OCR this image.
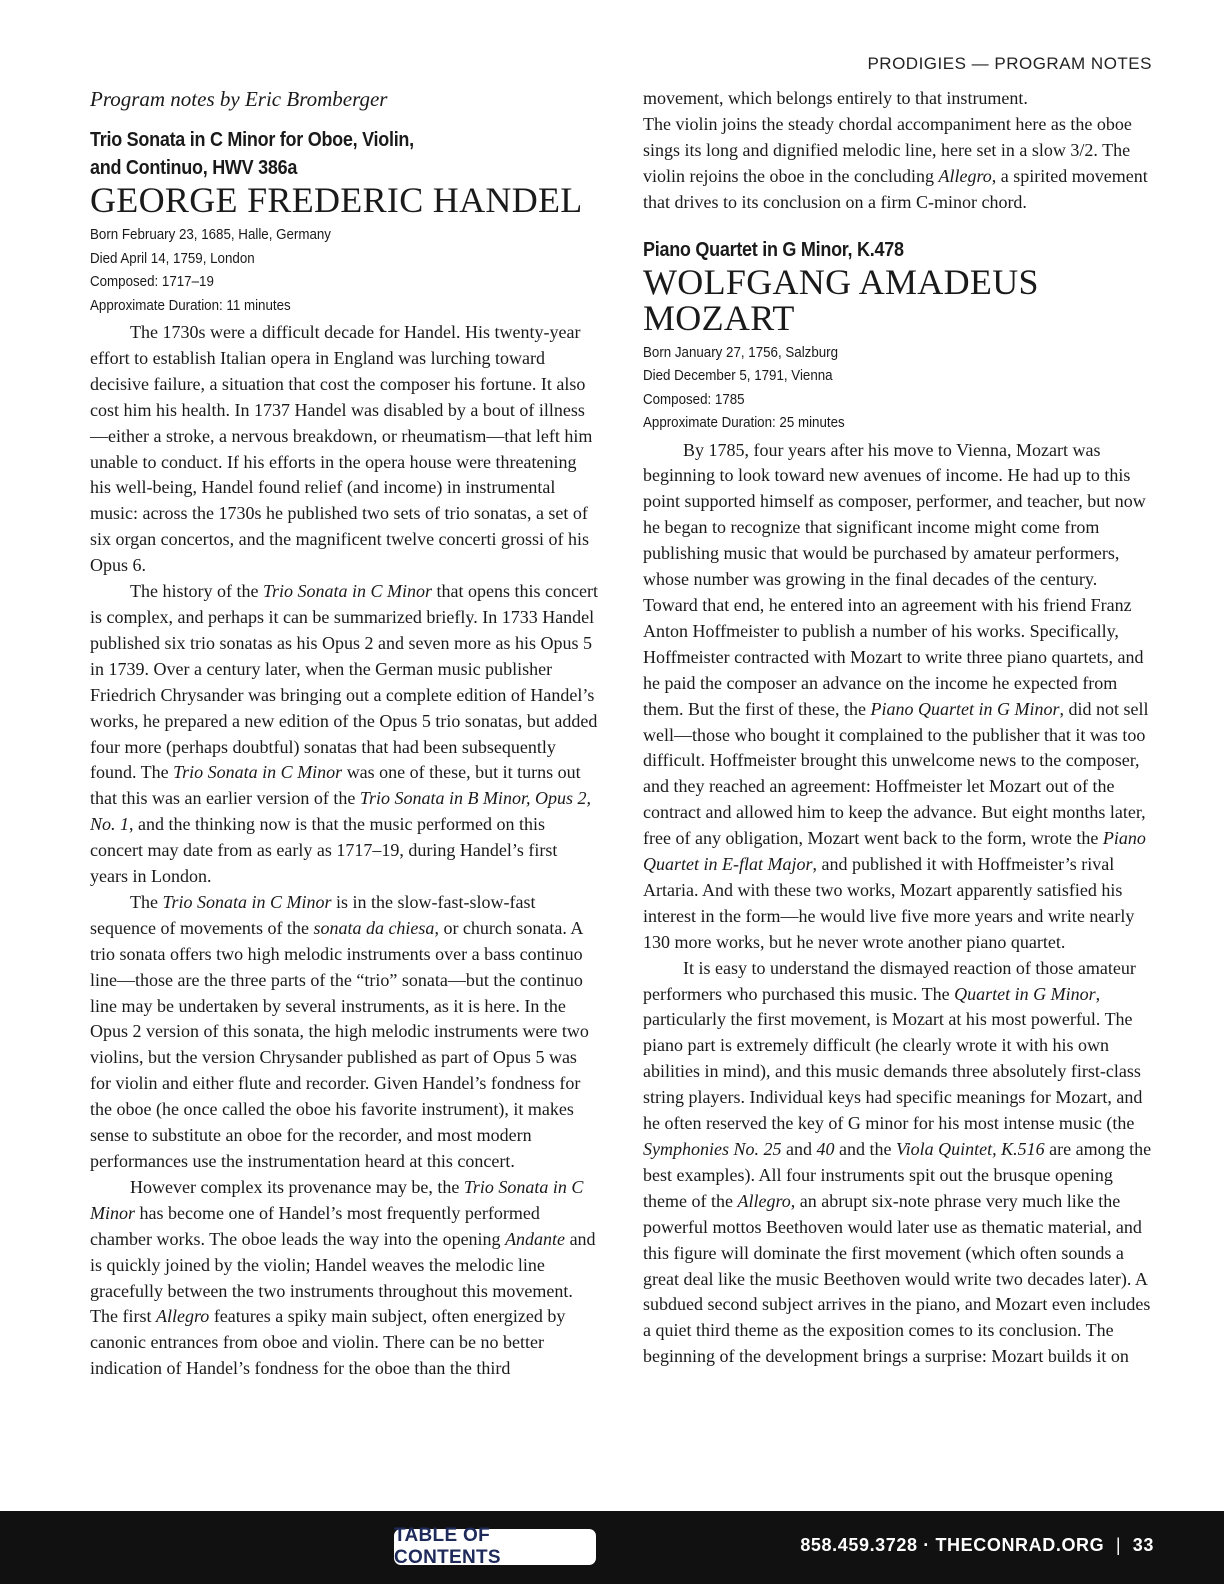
PRODIGIES — PROGRAM NOTES
Program notes by Eric Bromberger
Trio Sonata in C Minor for Oboe, Violin,
and Continuo, HWV 386a
GEORGE FREDERIC HANDEL
Born February 23, 1685, Halle, Germany
Died April 14, 1759, London
Composed: 1717–19
Approximate Duration: 11 minutes

The 1730s were a difficult decade for Handel. His twenty-year effort to establish Italian opera in England was lurching toward decisive failure, a situation that cost the composer his fortune. It also cost him his health. In 1737 Handel was disabled by a bout of illness—either a stroke, a nervous breakdown, or rheumatism—that left him unable to conduct. If his efforts in the opera house were threatening his well-being, Handel found relief (and income) in instrumental music: across the 1730s he published two sets of trio sonatas, a set of six organ concertos, and the magnificent twelve concerti grossi of his Opus 6.

The history of the Trio Sonata in C Minor that opens this concert is complex, and perhaps it can be summarized briefly. In 1733 Handel published six trio sonatas as his Opus 2 and seven more as his Opus 5 in 1739. Over a century later, when the German music publisher Friedrich Chrysander was bringing out a complete edition of Handel’s works, he prepared a new edition of the Opus 5 trio sonatas, but added four more (perhaps doubtful) sonatas that had been subsequently found. The Trio Sonata in C Minor was one of these, but it turns out that this was an earlier version of the Trio Sonata in B Minor, Opus 2, No. 1, and the thinking now is that the music performed on this concert may date from as early as 1717–19, during Handel’s first years in London.

The Trio Sonata in C Minor is in the slow-fast-slow-fast sequence of movements of the sonata da chiesa, or church sonata. A trio sonata offers two high melodic instruments over a bass continuo line—those are the three parts of the “trio” sonata—but the continuo line may be undertaken by several instruments, as it is here. In the Opus 2 version of this sonata, the high melodic instruments were two violins, but the version Chrysander published as part of Opus 5 was for violin and either flute and recorder. Given Handel’s fondness for the oboe (he once called the oboe his favorite instrument), it makes sense to substitute an oboe for the recorder, and most modern performances use the instrumentation heard at this concert.

However complex its provenance may be, the Trio Sonata in C Minor has become one of Handel’s most frequently performed chamber works. The oboe leads the way into the opening Andante and is quickly joined by the violin; Handel weaves the melodic line gracefully between the two instruments throughout this movement. The first Allegro features a spiky main subject, often energized by canonic entrances from oboe and violin. There can be no better indication of Handel’s fondness for the oboe than the third

movement, which belongs entirely to that instrument.

The violin joins the steady chordal accompaniment here as the oboe sings its long and dignified melodic line, here set in a slow 3/2. The violin rejoins the oboe in the concluding Allegro, a spirited movement that drives to its conclusion on a firm C-minor chord.

Piano Quartet in G Minor, K.478
WOLFGANG AMADEUS
MOZART
Born January 27, 1756, Salzburg
Died December 5, 1791, Vienna
Composed: 1785
Approximate Duration: 25 minutes

By 1785, four years after his move to Vienna, Mozart was beginning to look toward new avenues of income. He had up to this point supported himself as composer, performer, and teacher, but now he began to recognize that significant income might come from publishing music that would be purchased by amateur performers, whose number was growing in the final decades of the century. Toward that end, he entered into an agreement with his friend Franz Anton Hoffmeister to publish a number of his works. Specifically, Hoffmeister contracted with Mozart to write three piano quartets, and he paid the composer an advance on the income he expected from them. But the first of these, the Piano Quartet in G Minor, did not sell well—those who bought it complained to the publisher that it was too difficult. Hoffmeister brought this unwelcome news to the composer, and they reached an agreement: Hoffmeister let Mozart out of the contract and allowed him to keep the advance. But eight months later, free of any obligation, Mozart went back to the form, wrote the Piano Quartet in E-flat Major, and published it with Hoffmeister’s rival Artaria. And with these two works, Mozart apparently satisfied his interest in the form—he would live five more years and write nearly 130 more works, but he never wrote another piano quartet.

It is easy to understand the dismayed reaction of those amateur performers who purchased this music. The Quartet in G Minor, particularly the first movement, is Mozart at his most powerful. The piano part is extremely difficult (he clearly wrote it with his own abilities in mind), and this music demands three absolutely first-class string players. Individual keys had specific meanings for Mozart, and he often reserved the key of G minor for his most intense music (the Symphonies No. 25 and 40 and the Viola Quintet, K.516 are among the best examples). All four instruments spit out the brusque opening theme of the Allegro, an abrupt six-note phrase very much like the powerful mottos Beethoven would later use as thematic material, and this figure will dominate the first movement (which often sounds a great deal like the music Beethoven would write two decades later). A subdued second subject arrives in the piano, and Mozart even includes a quiet third theme as the exposition comes to its conclusion. The beginning of the development brings a surprise: Mozart builds it on

TABLE OF CONTENTS
858.459.3728 · THECONRAD.ORG | 33
